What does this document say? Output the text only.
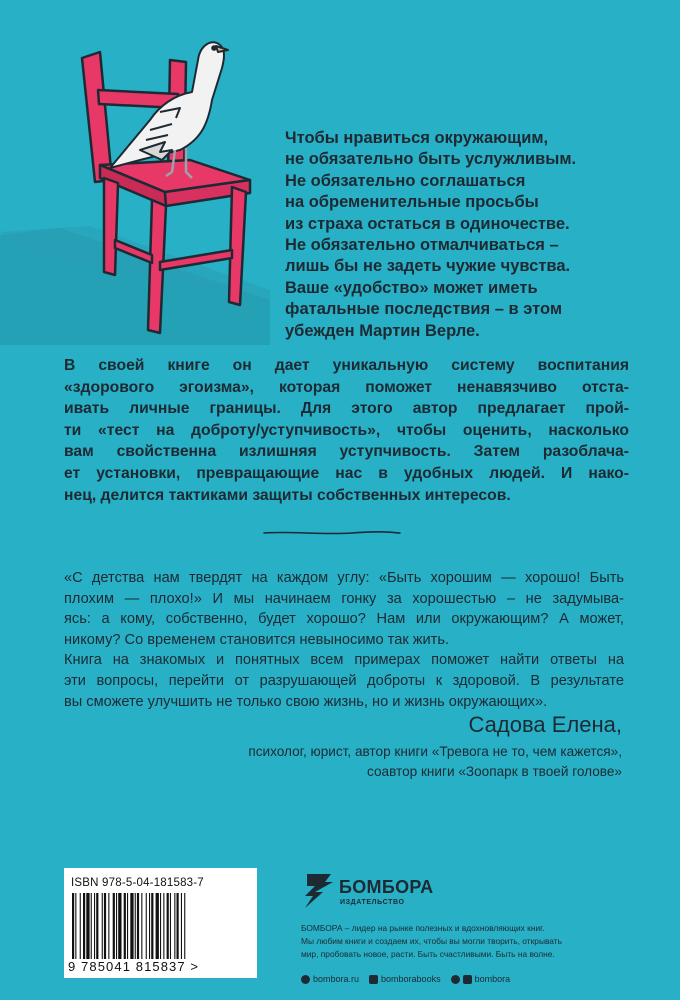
Чтобы нравиться окружающим,
не обязательно быть услужливым.
Не обязательно соглашаться
на обременительные просьбы
из страха остаться в одиночестве.
Не обязательно отмалчиваться –
лишь бы не задеть чужие чувства.
Ваше «удобство» может иметь
фатальные последствия – в этом
убежден Мартин Верле.
В своей книге он дает уникальную систему воспитания
«здорового эгоизма», которая поможет ненавязчиво отста-
ивать личные границы. Для этого автор предлагает прой-
ти «тест на доброту/уступчивость», чтобы оценить, насколько
вам свойственна излишняя уступчивость. Затем разоблача-
ет установки, превращающие нас в удобных людей. И нако-
нец, делится тактиками защиты собственных интересов.
«С детства нам твердят на каждом углу: «Быть хорошим — хорошо! Быть
плохим — плохо!» И мы начинаем гонку за хорошестью – не задумыва-
ясь: а кому, собственно, будет хорошо? Нам или окружающим? А может,
никому? Со временем становится невыносимо так жить.
Книга на знакомых и понятных всем примерах поможет найти ответы на
эти вопросы, перейти от разрушающей доброты к здоровой. В результате
вы сможете улучшить не только свою жизнь, но и жизнь окружающих».
Садова Елена,
психолог, юрист, автор книги «Тревога не то, чем кажется»,
соавтор книги «Зоопарк в твоей голове»
ISBN 978-5-04-181583-7
9 785041 815837 >
БОМБОРА
ИЗДАТЕЛЬСТВО
БОМБОРА – лидер на рынке полезных и вдохновляющих книг.
Мы любим книги и создаем их, чтобы вы могли творить, открывать
мир, пробовать новое, расти. Быть счастливыми. Быть на волне.
bombora.ru bomborabooks	bombora
